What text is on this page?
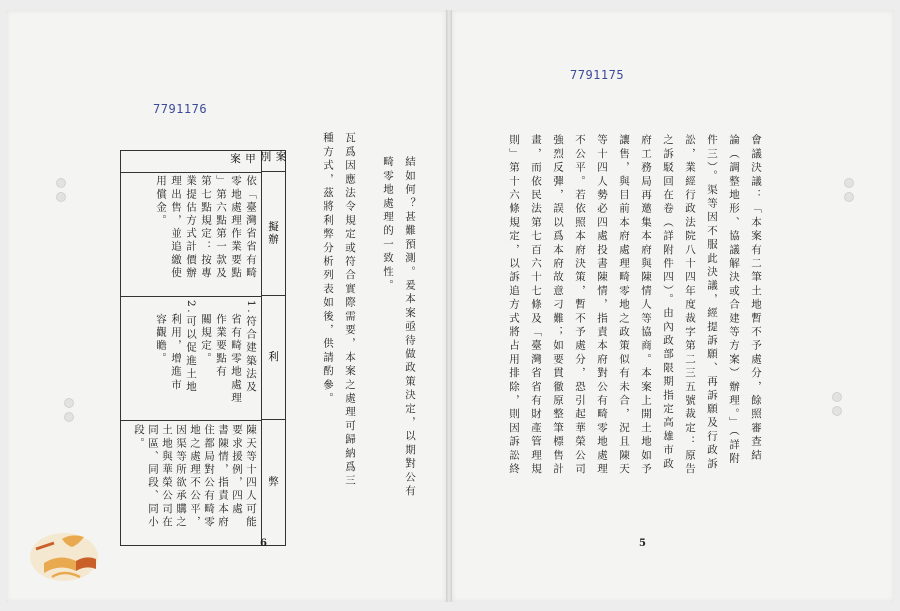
7791176
結如何？甚難預測。爰本案亟待做政策決定，以期對公有
畸零地處理的一致性。
瓦爲因應法令規定或符合實際需要，本案之處理可歸納爲三
種方式，茲將利弊分析列表如後，供請酌參。
案別
擬辦
利
弊
甲案
依「臺灣省省有畸
零地處理作業要點
」第六點第一款及
第七點規定：按專
業提估方式計價辦
理出售，並追繳使
用償金。
1.符合建築法及
　省有畸零地處理
　作業要點有
　關規定。
2.可以促進土地
　利用，增進市
　容觀瞻。
陳天等十四人可能
要求援例，四處
書陳情，指責本府
住都局對公有畸零
地之處理不公平，
因渠等所欲承購之
土地與華榮公司在
同區、同段、同小
段。
6
7791175
會議決議：「本案有二筆土地暫不予處分，餘照審查結
論（調整地形、協議解決或合建等方案）辦理。」（詳附
件三）。渠等因不服此決議，經提訴願、再訴願及行政訴
訟，業經行政法院八十四年度裁字第二三五號裁定：原告
之訴駁回在卷（詳附件四）。由內政部限期指定高雄市政
府工務局再邀集本府與陳情人等協商。本案上開土地如予
讓售，與目前本府處理畸零地之政策似有未合，況且陳天
等十四人勢必四處投書陳情，指責本府對公有畸零地處理
不公平。若依照本府決策，暫不予處分，恐引起華榮公司
強烈反彈，誤以爲本府故意刁難；如要貫徹原整筆標售計
畫，而依民法第七百六十七條及「臺灣省省有財產管理規
則」第十六條規定，以訴追方式將占用排除，則因訴訟終
5
